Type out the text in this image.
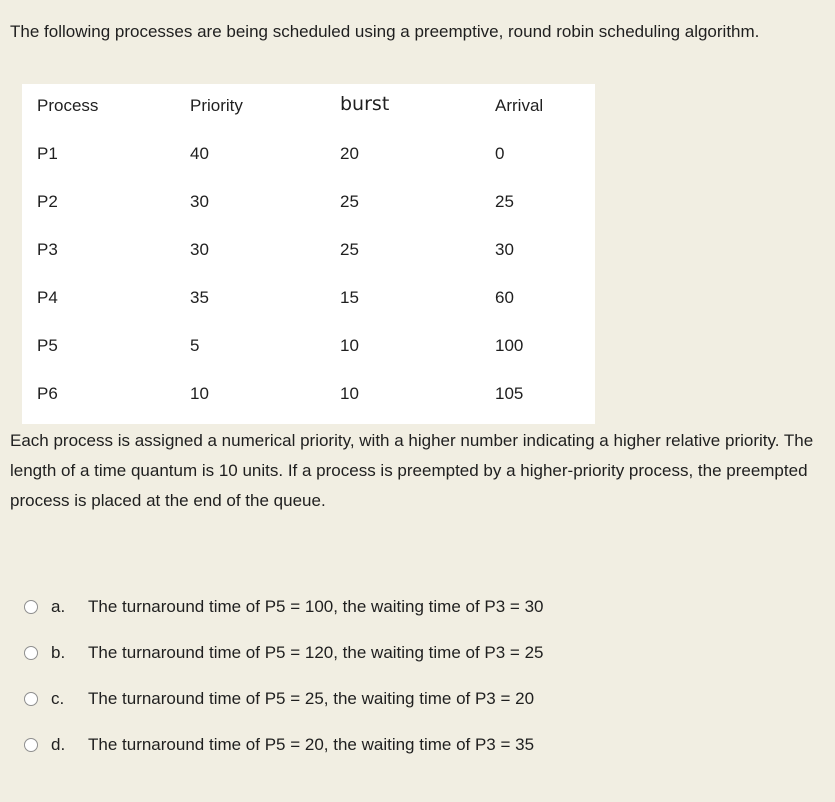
The following processes are being scheduled using a preemptive, round robin scheduling algorithm.
Process	Priority	burst	Arrival
P1	40	20	0
P2	30	25	25
P3	30	25	30
P4	35	15	60
P5	5	10	100
P6	10	10	105
Each process is assigned a numerical priority, with a higher number indicating a higher relative priority. The length of a time quantum is 10 units. If a process is preempted by a higher-priority process, the preempted process is placed at the end of the queue.
a. The turnaround time of P5 = 100, the waiting time of P3 = 30
b. The turnaround time of P5 = 120, the waiting time of P3 = 25
c. The turnaround time of P5 = 25, the waiting time of P3 = 20
d. The turnaround time of P5 = 20, the waiting time of P3 = 35
